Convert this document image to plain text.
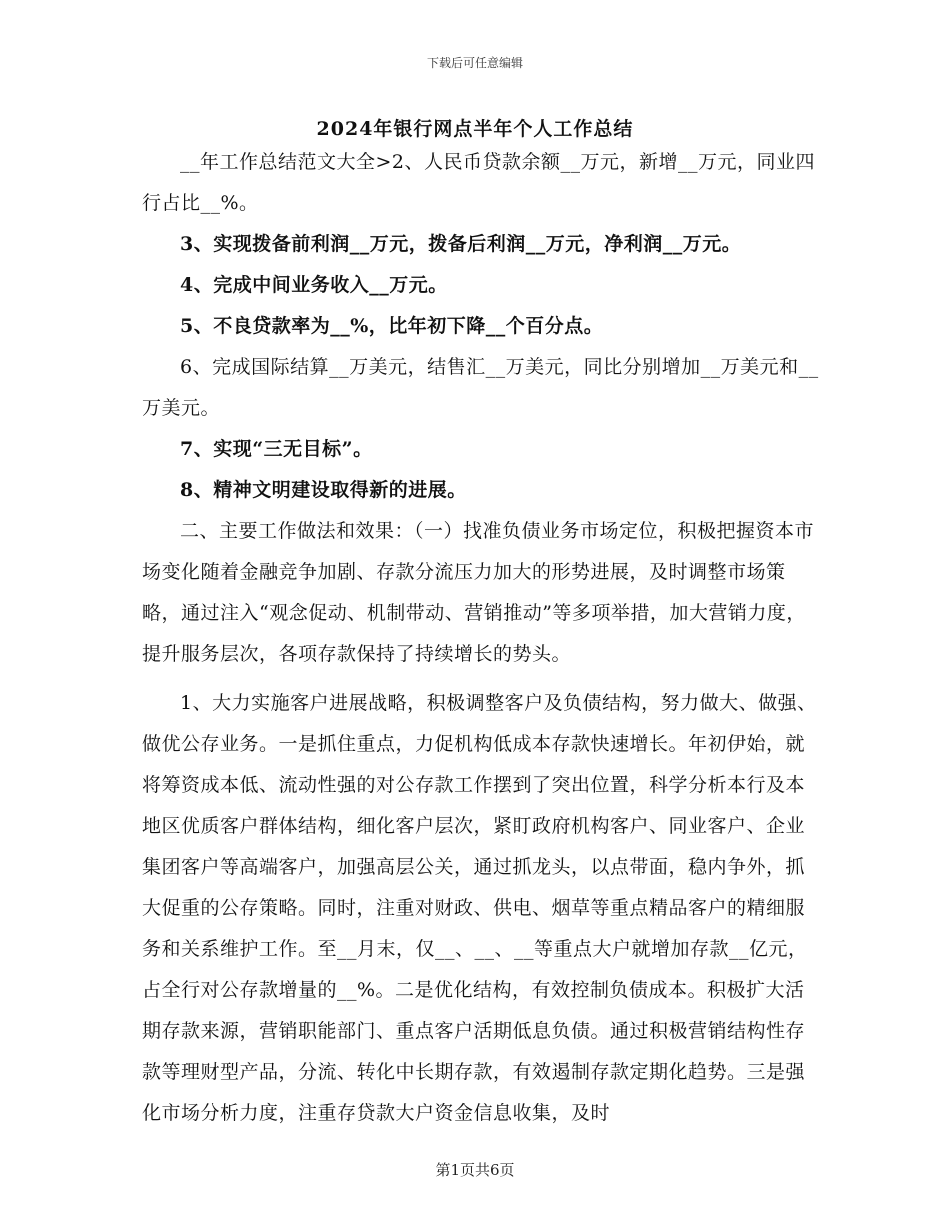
下载后可任意编辑
2024年银行网点半年个人工作总结

__年工作总结范文大全>2、人民币贷款余额__万元，新增__万元，同业四行占比__%。

3、实现拨备前利润__万元，拨备后利润__万元，净利润__万元。

4、完成中间业务收入__万元。

5、不良贷款率为__%，比年初下降__个百分点。

6、完成国际结算__万美元，结售汇__万美元，同比分别增加__万美元和__万美元。

7、实现“三无目标”。

8、精神文明建设取得新的进展。

二、主要工作做法和效果：（一）找准负债业务市场定位，积极把握资本市场变化随着金融竞争加剧、存款分流压力加大的形势进展，及时调整市场策略，通过注入“观念促动、机制带动、营销推动”等多项举措，加大营销力度，提升服务层次，各项存款保持了持续增长的势头。

1、大力实施客户进展战略，积极调整客户及负债结构，努力做大、做强、做优公存业务。一是抓住重点，力促机构低成本存款快速增长。年初伊始，就将筹资成本低、流动性强的对公存款工作摆到了突出位置，科学分析本行及本地区优质客户群体结构，细化客户层次，紧盯政府机构客户、同业客户、企业集团客户等高端客户，加强高层公关，通过抓龙头，以点带面，稳内争外，抓大促重的公存策略。同时，注重对财政、供电、烟草等重点精品客户的精细服务和关系维护工作。至__月末，仅__、__、__等重点大户就增加存款__亿元，占全行对公存款增量的__%。二是优化结构，有效控制负债成本。积极扩大活期存款来源，营销职能部门、重点客户活期低息负债。通过积极营销结构性存款等理财型产品，分流、转化中长期存款，有效遏制存款定期化趋势。三是强化市场分析力度，注重存贷款大户资金信息收集，及时

第1页共6页
